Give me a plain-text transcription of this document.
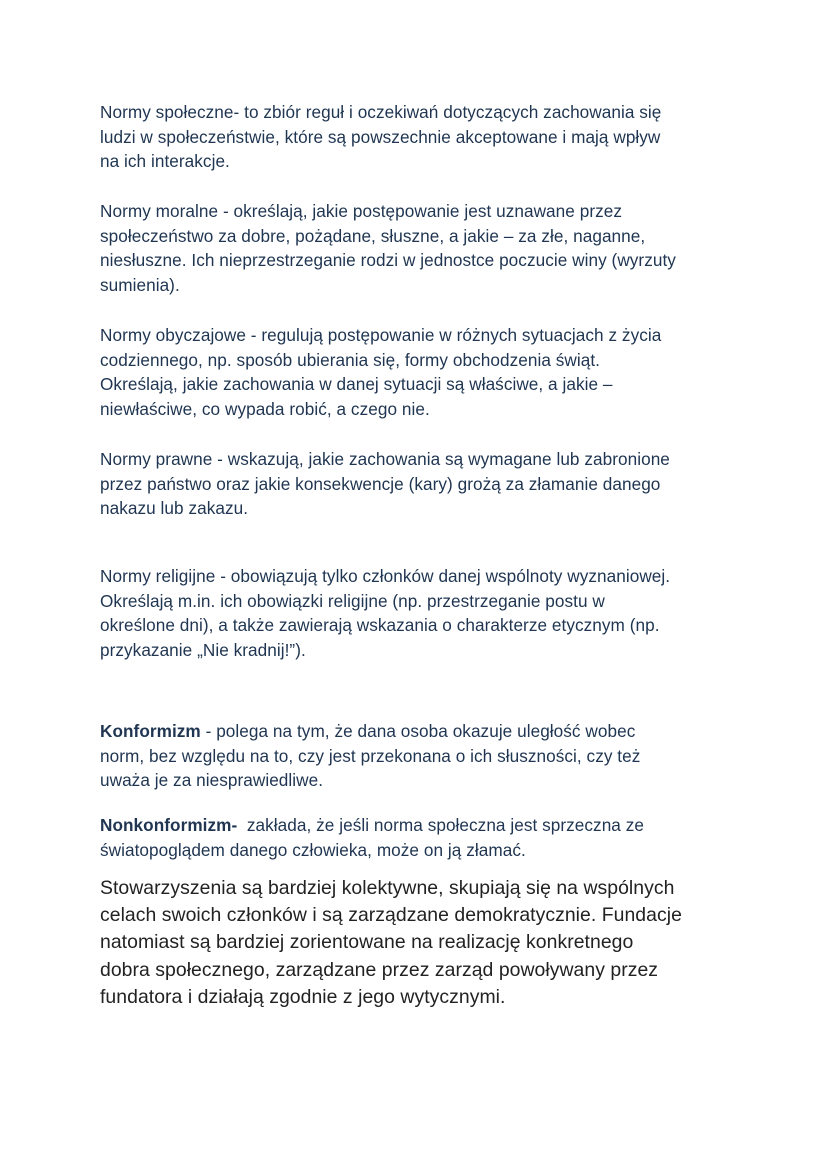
Normy społeczne- to zbiór reguł i oczekiwań dotyczących zachowania się
ludzi w społeczeństwie, które są powszechnie akceptowane i mają wpływ
na ich interakcje.

Normy moralne - określają, jakie postępowanie jest uznawane przez
społeczeństwo za dobre, pożądane, słuszne, a jakie – za złe, naganne,
niesłuszne. Ich nieprzestrzeganie rodzi w jednostce poczucie winy (wyrzuty
sumienia).

Normy obyczajowe - regulują postępowanie w różnych sytuacjach z życia
codziennego, np. sposób ubierania się, formy obchodzenia świąt.
Określają, jakie zachowania w danej sytuacji są właściwe, a jakie –
niewłaściwe, co wypada robić, a czego nie.

Normy prawne - wskazują, jakie zachowania są wymagane lub zabronione
przez państwo oraz jakie konsekwencje (kary) grożą za złamanie danego
nakazu lub zakazu.

Normy religijne - obowiązują tylko członków danej wspólnoty wyznaniowej.
Określają m.in. ich obowiązki religijne (np. przestrzeganie postu w
określone dni), a także zawierają wskazania o charakterze etycznym (np.
przykazanie „Nie kradnij!”).

Konformizm - polega na tym, że dana osoba okazuje uległość wobec
norm, bez względu na to, czy jest przekonana o ich słuszności, czy też
uważa je za niesprawiedliwe.

Nonkonformizm-  zakłada, że jeśli norma społeczna jest sprzeczna ze
światopoglądem danego człowieka, może on ją złamać.

Stowarzyszenia są bardziej kolektywne, skupiają się na wspólnych
celach swoich członków i są zarządzane demokratycznie. Fundacje
natomiast są bardziej zorientowane na realizację konkretnego
dobra społecznego, zarządzane przez zarząd powoływany przez
fundatora i działają zgodnie z jego wytycznymi.
